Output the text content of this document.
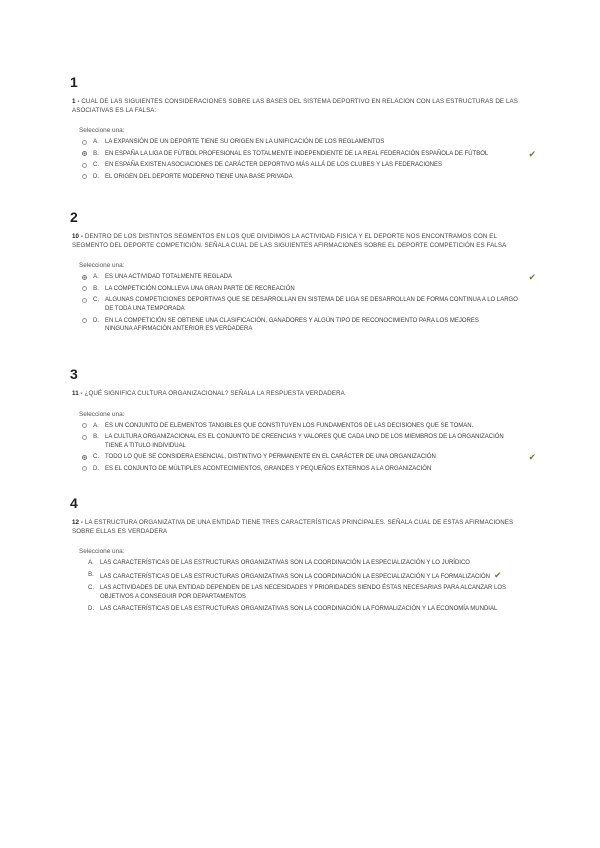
1
1 - CUAL DE LAS SIGUIENTES CONSIDERACIONES SOBRE LAS BASES DEL SISTEMA DEPORTIVO EN RELACION CON LAS ESTRUCTURAS DE LAS ASOCIATIVAS ES LA FALSA:
Seleccione una:
A.	LA EXPANSIÓN DE UN DEPORTE TIENE SU ORIGEN EN LA UNIFICACIÓN DE LOS REGLAMENTOS
B.	EN ESPAÑA LA LIGA DE FÚTBOL PROFESIONAL ES TOTALMENTE INDEPENDIENTE DE LA REAL FEDERACIÓN ESPAÑOLA DE FÚTBOL	✔
C.	EN ESPAÑA EXISTEN ASOCIACIONES DE CARÁCTER DEPORTIVO MÁS ALLÁ DE LOS CLUBES Y LAS FEDERACIONES
D.	EL ORIGEN DEL DEPORTE MODERNO TIENE UNA BASE PRIVADA
2
10 - DENTRO DE LOS DISTINTOS SEGMENTOS EN LOS QUE DIVIDIMOS LA ACTIVIDAD FISICA Y EL DEPORTE NOS ENCONTRAMOS CON EL SEGMENTO DEL DEPORTE COMPETICIÓN. SEÑALA CUAL DE LAS SIGUIENTES AFIRMACIONES SOBRE EL DEPORTE COMPETICIÓN ES FALSA
Seleccione una:
A.	ES UNA ACTIVIDAD TOTALMENTE REGLADA	✔
B.	LA COMPETICIÓN CONLLEVA UNA GRAN PARTE DE RECREACIÓN
C.	ALGUNAS COMPETICIONES DEPORTIVAS QUE SE DESARROLLAN EN SISTEMA DE LIGA SE DESARROLLAN DE FORMA CONTINUA A LO LARGO DE TODA UNA TEMPORADA
D.	EN LA COMPETICIÓN SE OBTIENE UNA CLASIFICACIÓN, GANADORES Y ALGÚN TIPO DE RECONOCIMIENTO PARA LOS MEJORES
NINGUNA AFIRMACIÓN ANTERIOR ES VERDADERA
3
11 - ¿QUÉ SIGNIFICA CULTURA ORGANIZACIONAL? SEÑALA LA RESPUESTA VERDADERA
Seleccione una:
A.	ES UN CONJUNTO DE ELEMENTOS TANGIBLES QUE CONSTITUYEN LOS FUNDAMENTOS DE LAS DECISIONES QUE SE TOMAN.
B.	LA CULTURA ORGANIZACIONAL ES EL CONJUNTO DE CREENCIAS Y VALORES QUE CADA UNO DE LOS MIEMBROS DE LA ORGANIZACIÓN TIENE A TITULO INDIVIDUAL
C.	TODO LO QUE SE CONSIDERA ESENCIAL, DISTINTIVO Y PERMANENTE EN EL CARÁCTER DE UNA ORGANIZACIÓN	✔
D.	ES EL CONJUNTO DE MÚLTIPLES ACONTECIMIENTOS, GRANDES Y PEQUEÑOS EXTERNOS A LA ORGANIZACIÓN
4
12 - LA ESTRUCTURA ORGANIZATIVA DE UNA ENTIDAD TIENE TRES CARACTERÍSTICAS PRINCIPALES. SEÑALA CUAL DE ESTAS AFIRMACIONES SOBRE ELLAS ES VERDADERA
Seleccione una:
A.	LAS CARACTERÍSTICAS DE LAS ESTRUCTURAS ORGANIZATIVAS SON LA COORDINACIÓN LA ESPECIALIZACIÓN Y LO JURÍDICO
B.	LAS CARACTERÍSTICAS DE LAS ESTRUCTURAS ORGANIZATIVAS SON LA COORDINACIÓN LA ESPECIALIZACIÓN Y LA FORMALIZACIÓN ✔
C.	LAS ACTIVIDADES DE UNA ENTIDAD DEPENDEN DE LAS NECESIDADES Y PRIORIDADES SIENDO ÉSTAS NECESARIAS PARA ALCANZAR LOS OBJETIVOS A CONSEGUIR POR DEPARTAMENTOS
D.	LAS CARACTERÍSTICAS DE LAS ESTRUCTURAS ORGANIZATIVAS SON LA COORDINACIÓN LA FORMALIZACIÓN Y LA ECONOMÍA MUNDIAL
